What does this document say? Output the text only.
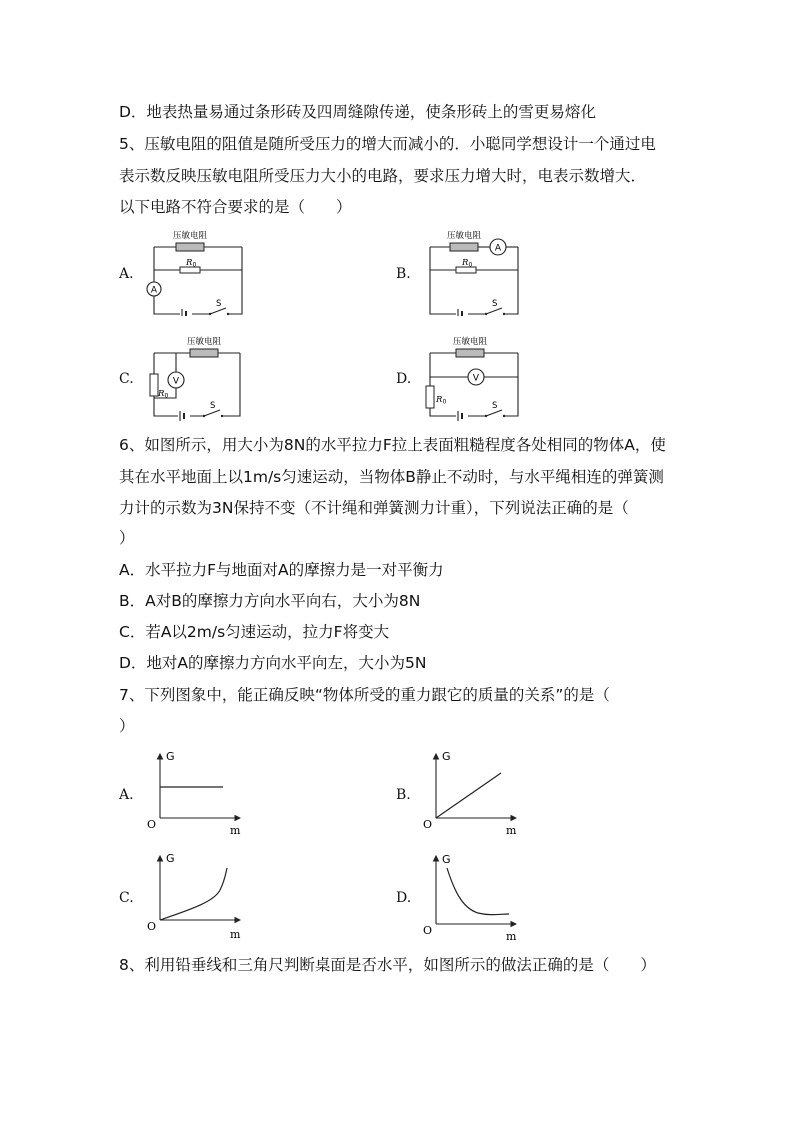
D．地表热量易通过条形砖及四周缝隙传递，使条形砖上的雪更易熔化
5、压敏电阻的阻值是随所受压力的增大而减小的．小聪同学想设计一个通过电
表示数反映压敏电阻所受压力大小的电路，要求压力增大时，电表示数增大．
以下电路不符合要求的是（　　）
A.	B.
C.	D.
A
压敏电阻
R 0
S
A
压敏电阻
R 0
S
V
压敏电阻
R 0
S
V
压敏电阻
R 0	S
6、如图所示，用大小为8N的水平拉力F拉上表面粗糙程度各处相同的物体A，使
其在水平地面上以1m/s匀速运动，当物体B静止不动时，与水平绳相连的弹簧测
力计的示数为3N保持不变（不计绳和弹簧测力计重），下列说法正确的是（
）
A．水平拉力F与地面对A的摩擦力是一对平衡力
B．A对B的摩擦力方向水平向右，大小为8N
C．若A以2m/s匀速运动，拉力F将变大
D．地对A的摩擦力方向水平向左，大小为5N
7、下列图象中，能正确反映“物体所受的重力跟它的质量的关系”的是（
）
A.	B.
C.	D.
G
m
O
G
m
O
G
m
O
G
m
O
8、利用铅垂线和三角尺判断桌面是否水平，如图所示的做法正确的是（　　）
